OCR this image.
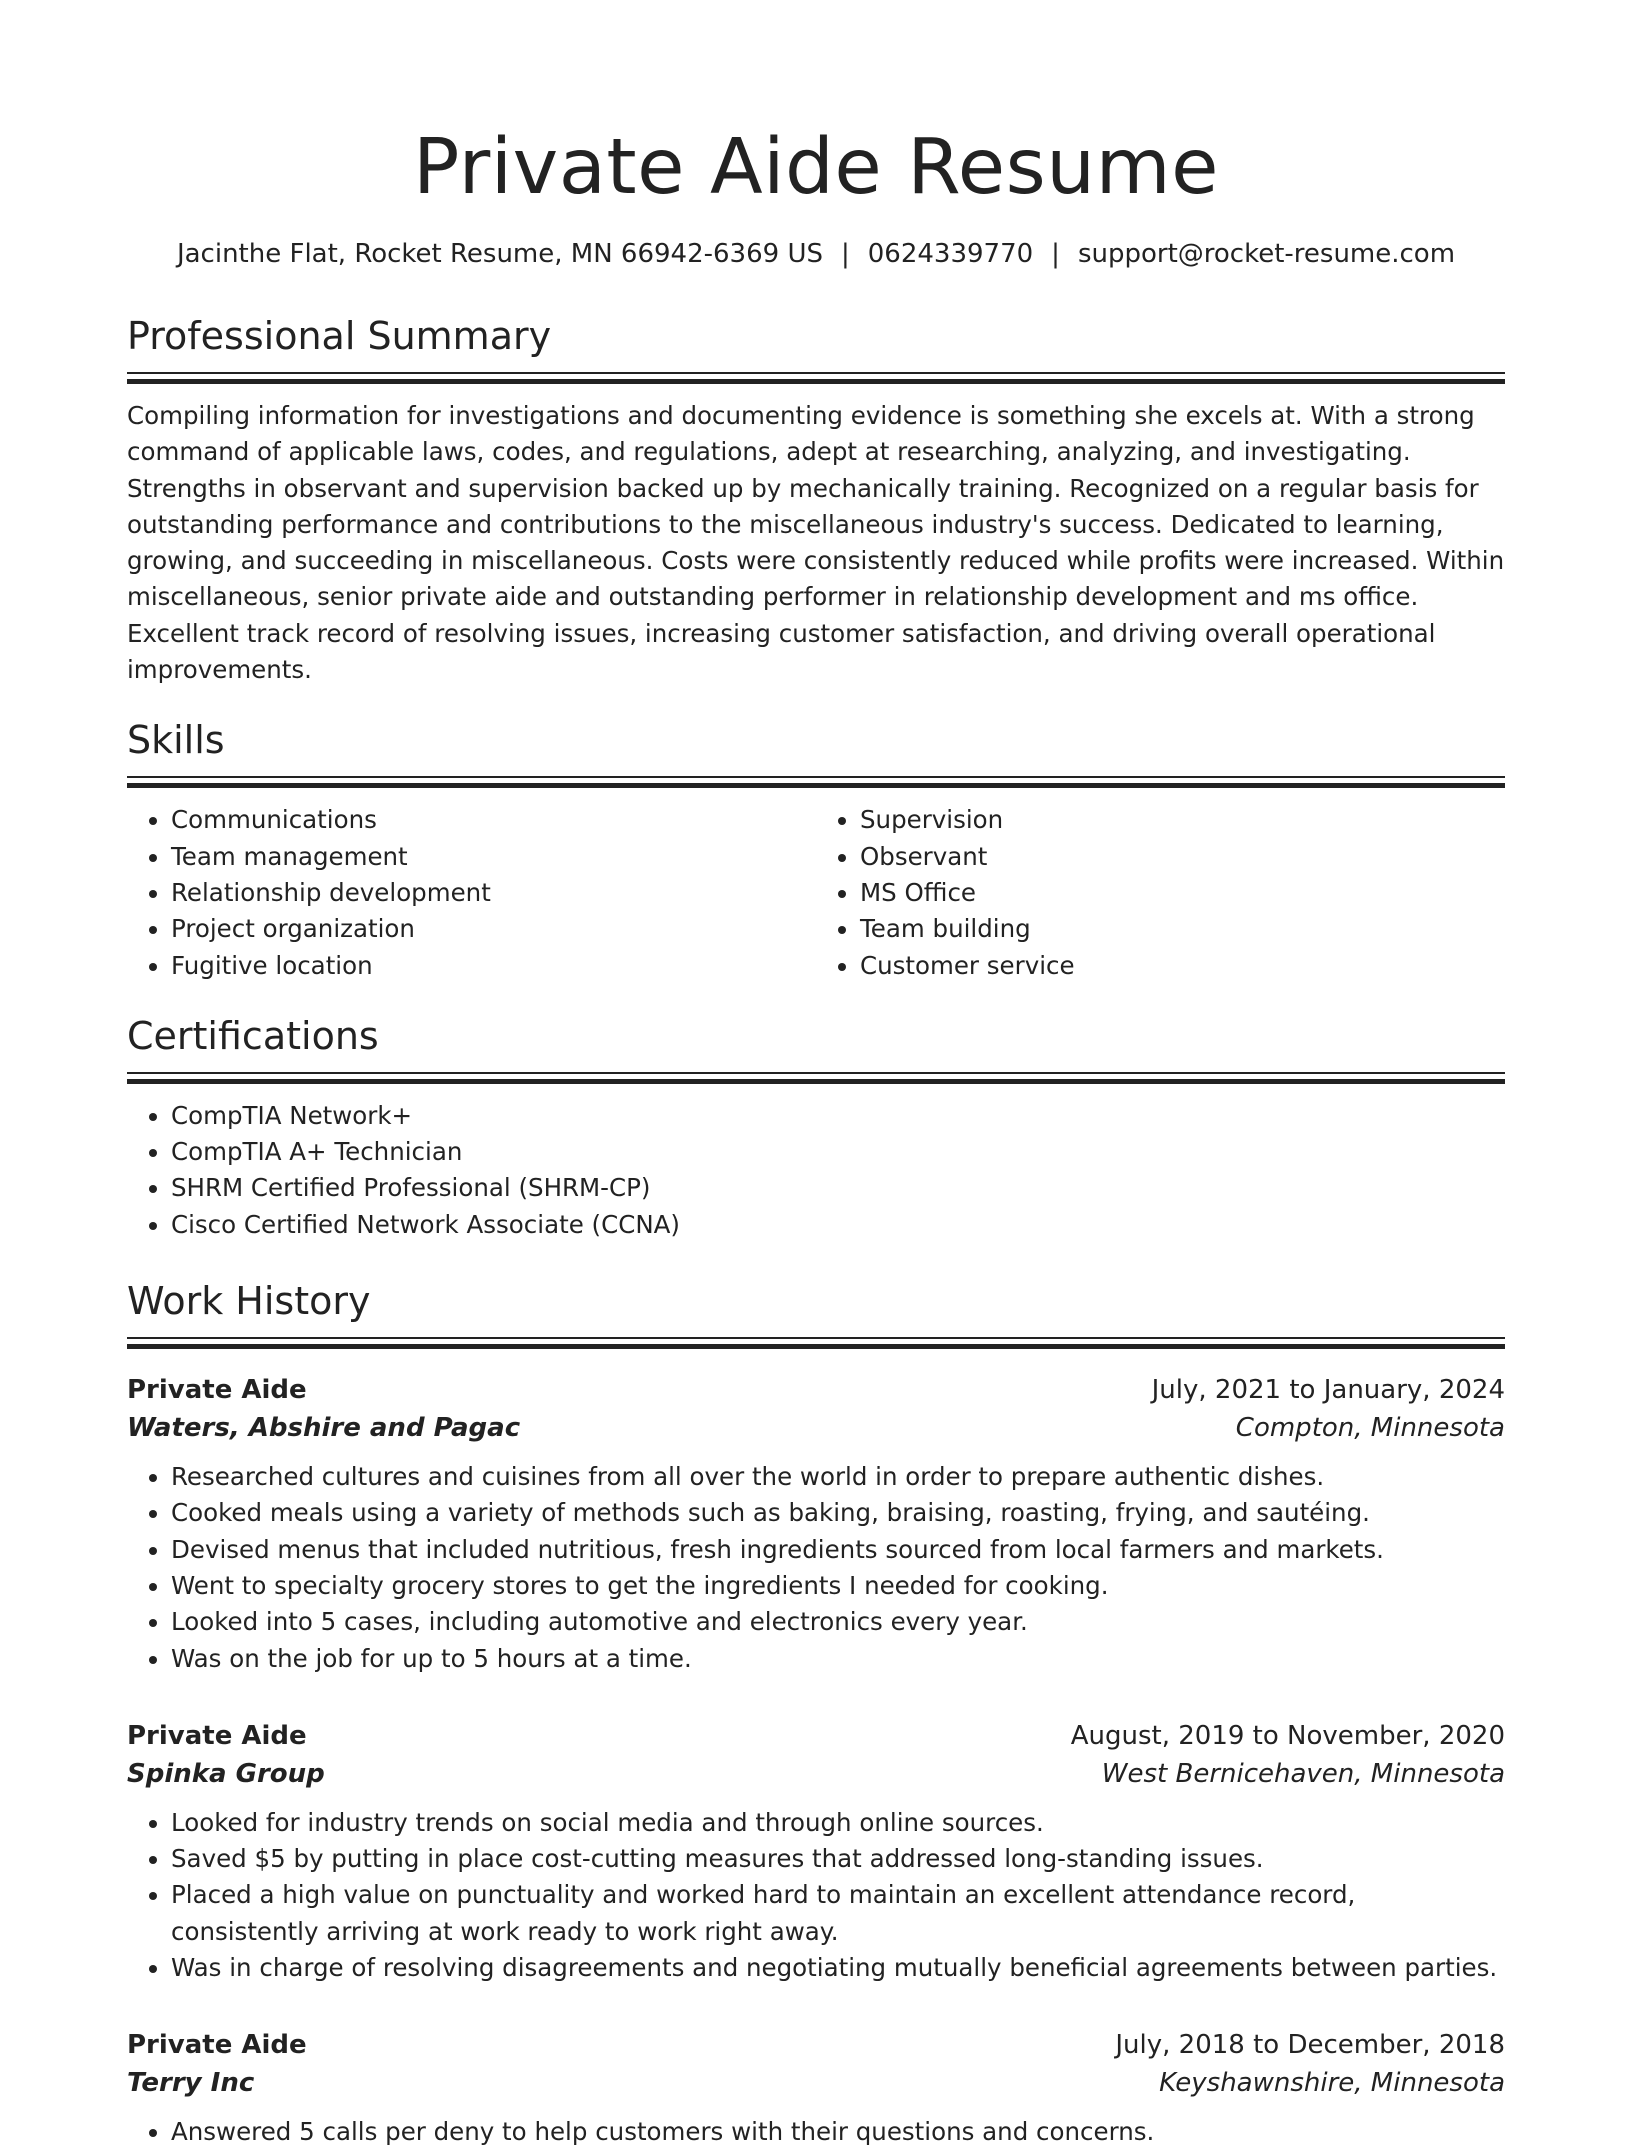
Private Aide Resume
Jacinthe Flat, Rocket Resume, MN 66942-6369 US | 0624339770 | support@rocket-resume.com
Professional Summary

Compiling information for investigations and documenting evidence is something she excels at. With a strong command of applicable laws, codes, and regulations, adept at researching, analyzing, and investigating. Strengths in observant and supervision backed up by mechanically training. Recognized on a regular basis for outstanding performance and contributions to the miscellaneous industry's success. Dedicated to learning, growing, and succeeding in miscellaneous. Costs were consistently reduced while profits were increased. Within miscellaneous, senior private aide and outstanding performer in relationship development and ms office. Excellent track record of resolving issues, increasing customer satisfaction, and driving overall operational improvements.

Skills
• Communications
• Team management
• Relationship development
• Project organization
• Fugitive location
• Supervision
• Observant
• MS Office
• Team building
• Customer service
Certifications
• CompTIA Network+
• CompTIA A+ Technician
• SHRM Certified Professional (SHRM-CP)
• Cisco Certified Network Associate (CCNA)
Work History
Private Aide	July, 2021 to January, 2024
Waters, Abshire and Pagac	Compton, Minnesota
• Researched cultures and cuisines from all over the world in order to prepare authentic dishes.
• Cooked meals using a variety of methods such as baking, braising, roasting, frying, and sautéing.
• Devised menus that included nutritious, fresh ingredients sourced from local farmers and markets.
• Went to specialty grocery stores to get the ingredients I needed for cooking.
• Looked into 5 cases, including automotive and electronics every year.
• Was on the job for up to 5 hours at a time.
Private Aide	August, 2019 to November, 2020
Spinka Group	West Bernicehaven, Minnesota
• Looked for industry trends on social media and through online sources.
• Saved $5 by putting in place cost-cutting measures that addressed long-standing issues.
• Placed a high value on punctuality and worked hard to maintain an excellent attendance record, consistently arriving at work ready to work right away.
• Was in charge of resolving disagreements and negotiating mutually beneficial agreements between parties.
Private Aide	July, 2018 to December, 2018
Terry Inc	Keyshawnshire, Minnesota
• Answered 5 calls per deny to help customers with their questions and concerns.
